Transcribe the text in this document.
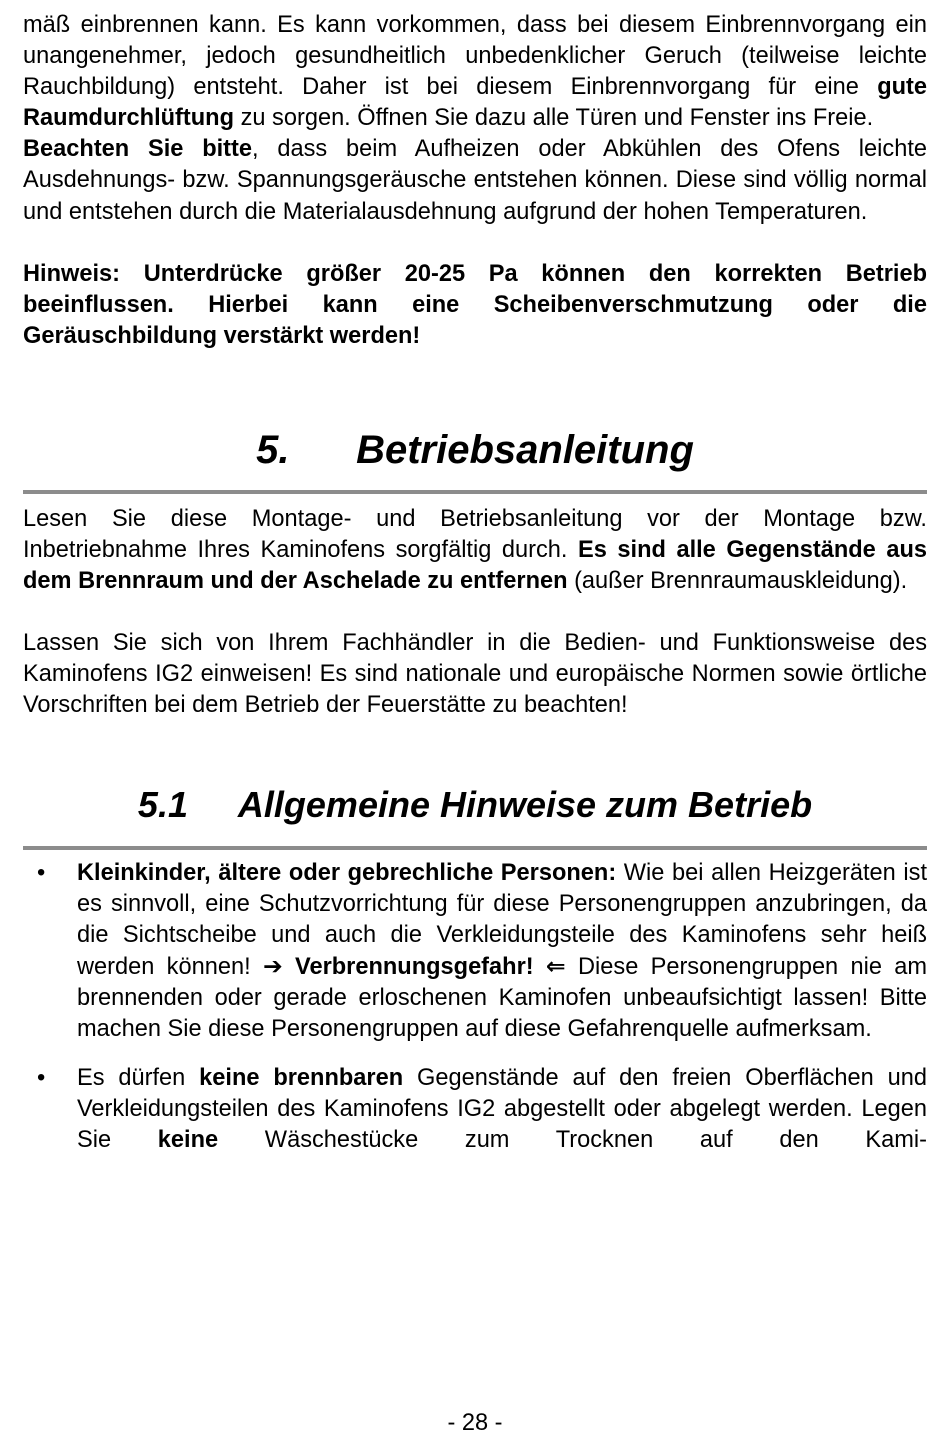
mäß einbrennen kann. Es kann vorkommen, dass bei diesem Einbrennvorgang ein unangenehmer, jedoch gesundheitlich unbedenklicher Geruch (teilweise leichte Rauchbildung) entsteht. Daher ist bei diesem Einbrennvorgang für eine gute Raumdurchlüftung zu sorgen. Öffnen Sie dazu alle Türen und Fenster ins Freie.

Beachten Sie bitte, dass beim Aufheizen oder Abkühlen des Ofens leichte Ausdehnungs- bzw. Spannungsgeräusche entstehen können. Diese sind völlig normal und entstehen durch die Materialausdehnung aufgrund der hohen Temperaturen.

Hinweis: Unterdrücke größer 20-25 Pa können den korrekten Betrieb beeinflussen. Hierbei kann eine Scheibenverschmutzung oder die Geräuschbildung verstärkt werden!

5. Betriebsanleitung

Lesen Sie diese Montage- und Betriebsanleitung vor der Montage bzw. Inbetriebnahme Ihres Kaminofens sorgfältig durch. Es sind alle Gegenstände aus dem Brennraum und der Aschelade zu entfernen (außer Brennraumauskleidung).

Lassen Sie sich von Ihrem Fachhändler in die Bedien- und Funktionsweise des Kaminofens IG2 einweisen! Es sind nationale und europäische Normen sowie örtliche Vorschriften bei dem Betrieb der Feuerstätte zu beachten!

5.1 Allgemeine Hinweise zum Betrieb
• Kleinkinder, ältere oder gebrechliche Personen: Wie bei allen Heizgeräten ist es sinnvoll, eine Schutzvorrichtung für diese Personengruppen anzubringen, da die Sichtscheibe und auch die Verkleidungsteile des Kaminofens sehr heiß werden können! ➔ Verbrennungsgefahr! ⇐ Diese Personengruppen nie am brennenden oder gerade erloschenen Kaminofen unbeaufsichtigt lassen! Bitte machen Sie diese Personengruppen auf diese Gefahrenquelle aufmerksam.

• Es dürfen keine brennbaren Gegenstände auf den freien Oberflächen und Verkleidungsteilen des Kaminofens IG2 abgestellt oder abgelegt werden. Legen Sie keine Wäschestücke zum Trocknen auf den Kami-

- 28 -
